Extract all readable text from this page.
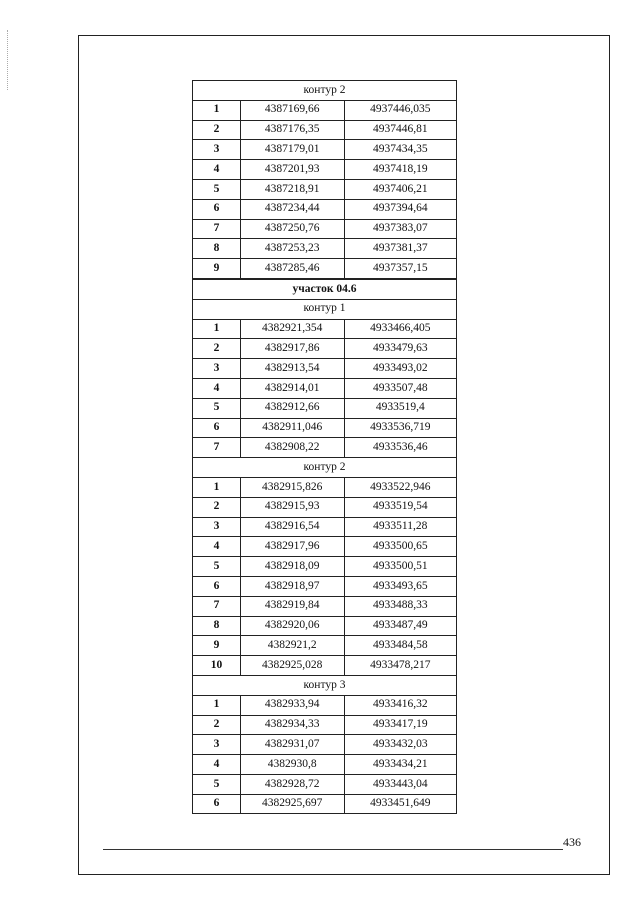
контур 2		
1	4387169,66	4937446,035
2	4387176,35	4937446,81
3	4387179,01	4937434,35
4	4387201,93	4937418,19
5	4387218,91	4937406,21
6	4387234,44	4937394,64
7	4387250,76	4937383,07
8	4387253,23	4937381,37
9	4387285,46	4937357,15
участок 04.6		
контур 1		
1	4382921,354	4933466,405
2	4382917,86	4933479,63
3	4382913,54	4933493,02
4	4382914,01	4933507,48
5	4382912,66	4933519,4
6	4382911,046	4933536,719
7	4382908,22	4933536,46
контур 2		
1	4382915,826	4933522,946
2	4382915,93	4933519,54
3	4382916,54	4933511,28
4	4382917,96	4933500,65
5	4382918,09	4933500,51
6	4382918,97	4933493,65
7	4382919,84	4933488,33
8	4382920,06	4933487,49
9	4382921,2	4933484,58
10	4382925,028	4933478,217
контур 3		
1	4382933,94	4933416,32
2	4382934,33	4933417,19
3	4382931,07	4933432,03
4	4382930,8	4933434,21
5	4382928,72	4933443,04
6	4382925,697	4933451,649
436
